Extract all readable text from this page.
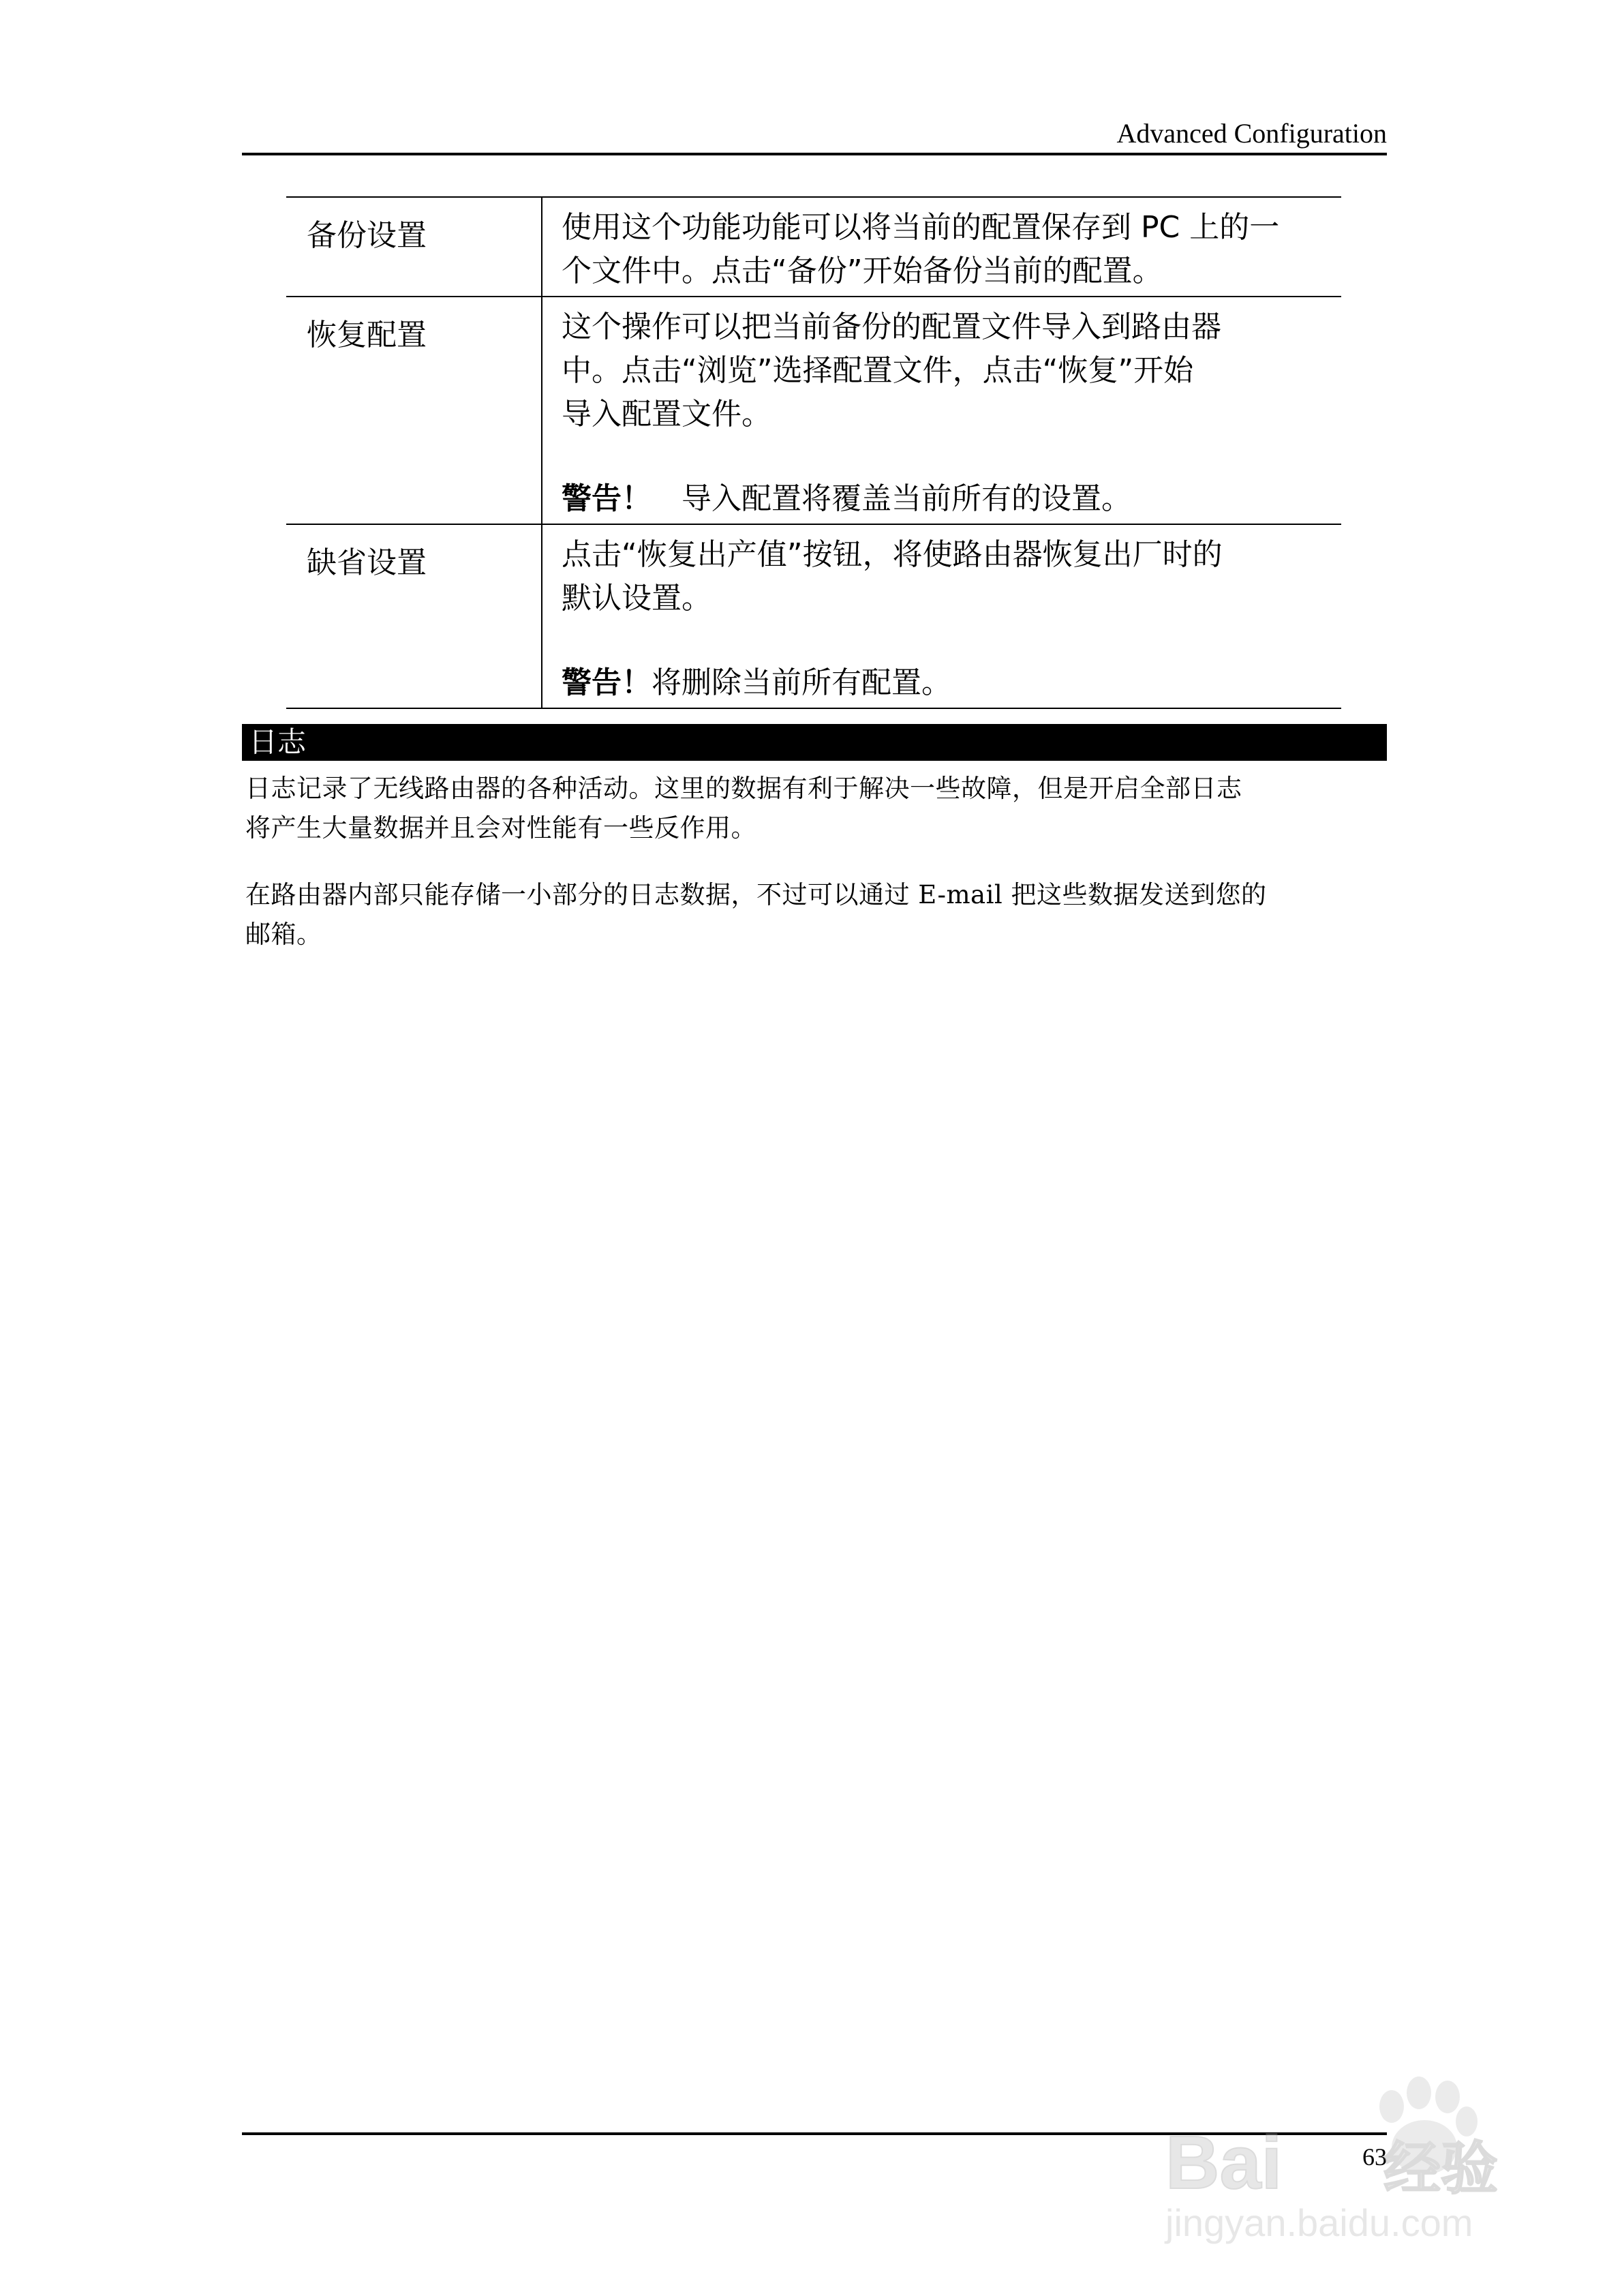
Advanced Configuration
备份设置	使用这个功能功能可以将当前的配置保存到 PC 上的一
个文件中。点击“备份”开始备份当前的配置。

恢复配置	这个操作可以把当前备份的配置文件导入到路由器
中。点击“浏览”选择配置文件，点击“恢复”开始
导入配置文件。
警告！　导入配置将覆盖当前所有的设置。

缺省设置	点击“恢复出产值”按钮，将使路由器恢复出厂时的
默认设置。
警告！将删除当前所有配置。
日志
日志记录了无线路由器的各种活动。这里的数据有利于解决一些故障，但是开启全部日志
将产生大量数据并且会对性能有一些反作用。
在路由器内部只能存储一小部分的日志数据，不过可以通过 E-mail 把这些数据发送到您的
邮箱。
63
Bai 经验
jingyan.baidu.com
